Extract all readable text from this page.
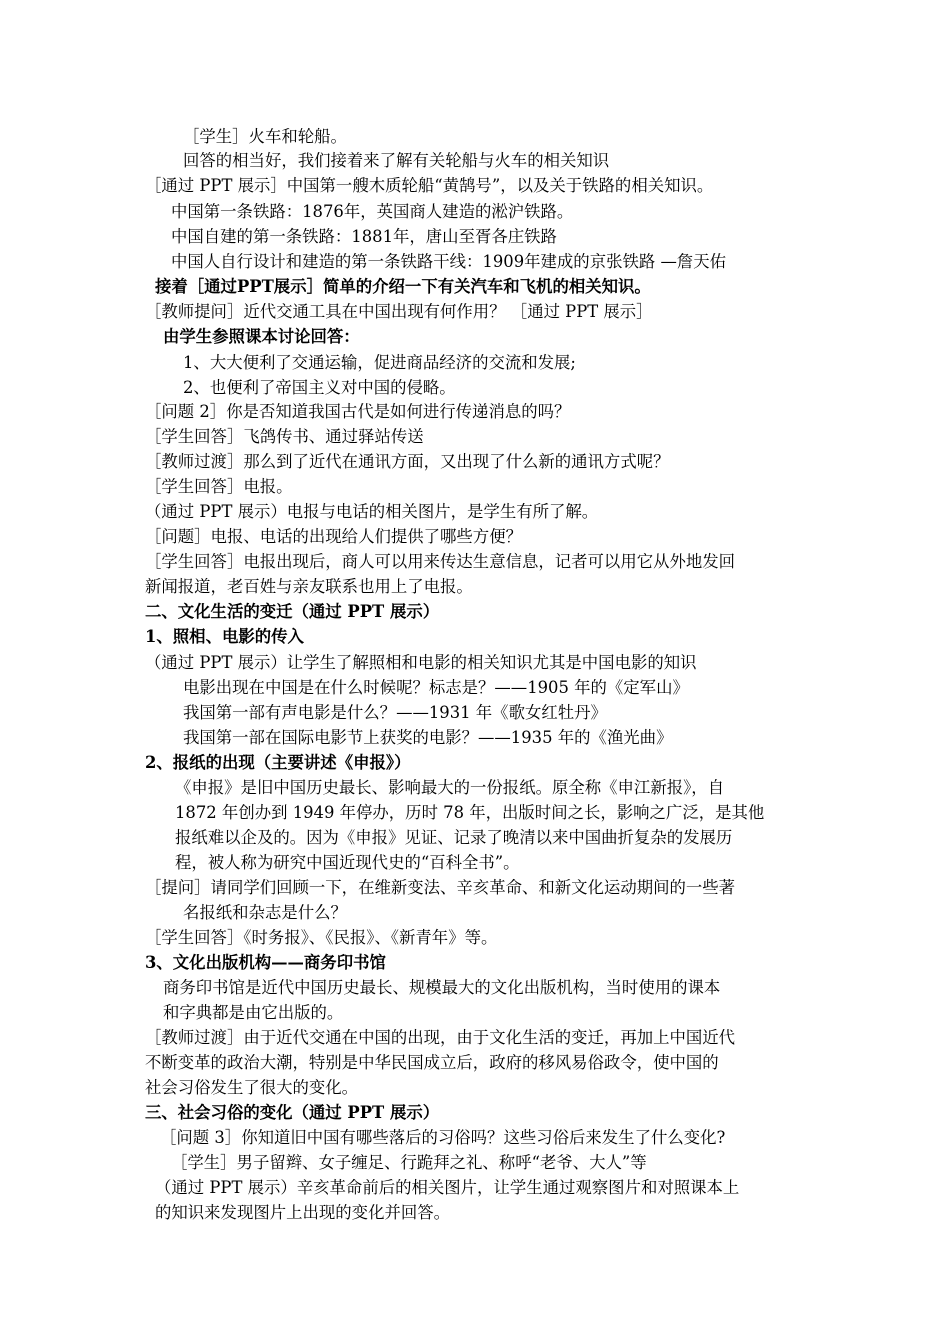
［学生］火车和轮船。
回答的相当好，我们接着来了解有关轮船与火车的相关知识
［通过 PPT 展示］中国第一艘木质轮船“黄鹄号”，以及关于铁路的相关知识。
中国第一条铁路：1876年，英国商人建造的淞沪铁路。
中国自建的第一条铁路：1881年，唐山至胥各庄铁路
中国人自行设计和建造的第一条铁路干线：1909年建成的京张铁路 —詹天佑
接着［通过PPT展示］简单的介绍一下有关汽车和飞机的相关知识。
［教师提问］近代交通工具在中国出现有何作用？ ［通过 PPT 展示］
由学生参照课本讨论回答：
1、大大便利了交通运输，促进商品经济的交流和发展;
2、也便利了帝国主义对中国的侵略。
［问题 2］你是否知道我国古代是如何进行传递消息的吗？
［学生回答］飞鸽传书、通过驿站传送
［教师过渡］那么到了近代在通讯方面，又出现了什么新的通讯方式呢？
［学生回答］电报。
（通过 PPT 展示）电报与电话的相关图片，是学生有所了解。
［问题］电报、电话的出现给人们提供了哪些方便？
［学生回答］电报出现后，商人可以用来传达生意信息，记者可以用它从外地发回
新闻报道，老百姓与亲友联系也用上了电报。
二、文化生活的变迁（通过 PPT 展示）
1、照相、电影的传入
（通过 PPT 展示）让学生了解照相和电影的相关知识尤其是中国电影的知识
电影出现在中国是在什么时候呢？标志是？——1905 年的《定军山》
我国第一部有声电影是什么？——1931 年《歌女红牡丹》
我国第一部在国际电影节上获奖的电影？——1935 年的《渔光曲》
2、报纸的出现（主要讲述《申报》）
《申报》是旧中国历史最长、影响最大的一份报纸。原全称《申江新报》，自
1872 年创办到 1949 年停办，历时 78 年，出版时间之长，影响之广泛，是其他
报纸难以企及的。因为《申报》见证、记录了晚清以来中国曲折复杂的发展历
程，被人称为研究中国近现代史的“百科全书”。
［提问］请同学们回顾一下，在维新变法、辛亥革命、和新文化运动期间的一些著
名报纸和杂志是什么？
［学生回答］《时务报》、《民报》、《新青年》等。
3、文化出版机构——商务印书馆
商务印书馆是近代中国历史最长、规模最大的文化出版机构，当时使用的课本
和字典都是由它出版的。
［教师过渡］由于近代交通在中国的出现，由于文化生活的变迁，再加上中国近代
不断变革的政治大潮，特别是中华民国成立后，政府的移风易俗政令，使中国的
社会习俗发生了很大的变化。
三、社会习俗的变化（通过 PPT 展示）
［问题 3］你知道旧中国有哪些落后的习俗吗？这些习俗后来发生了什么变化?
［学生］男子留辫、女子缠足、行跪拜之礼、称呼“老爷、大人”等
（通过 PPT 展示）辛亥革命前后的相关图片，让学生通过观察图片和对照课本上
的知识来发现图片上出现的变化并回答。
